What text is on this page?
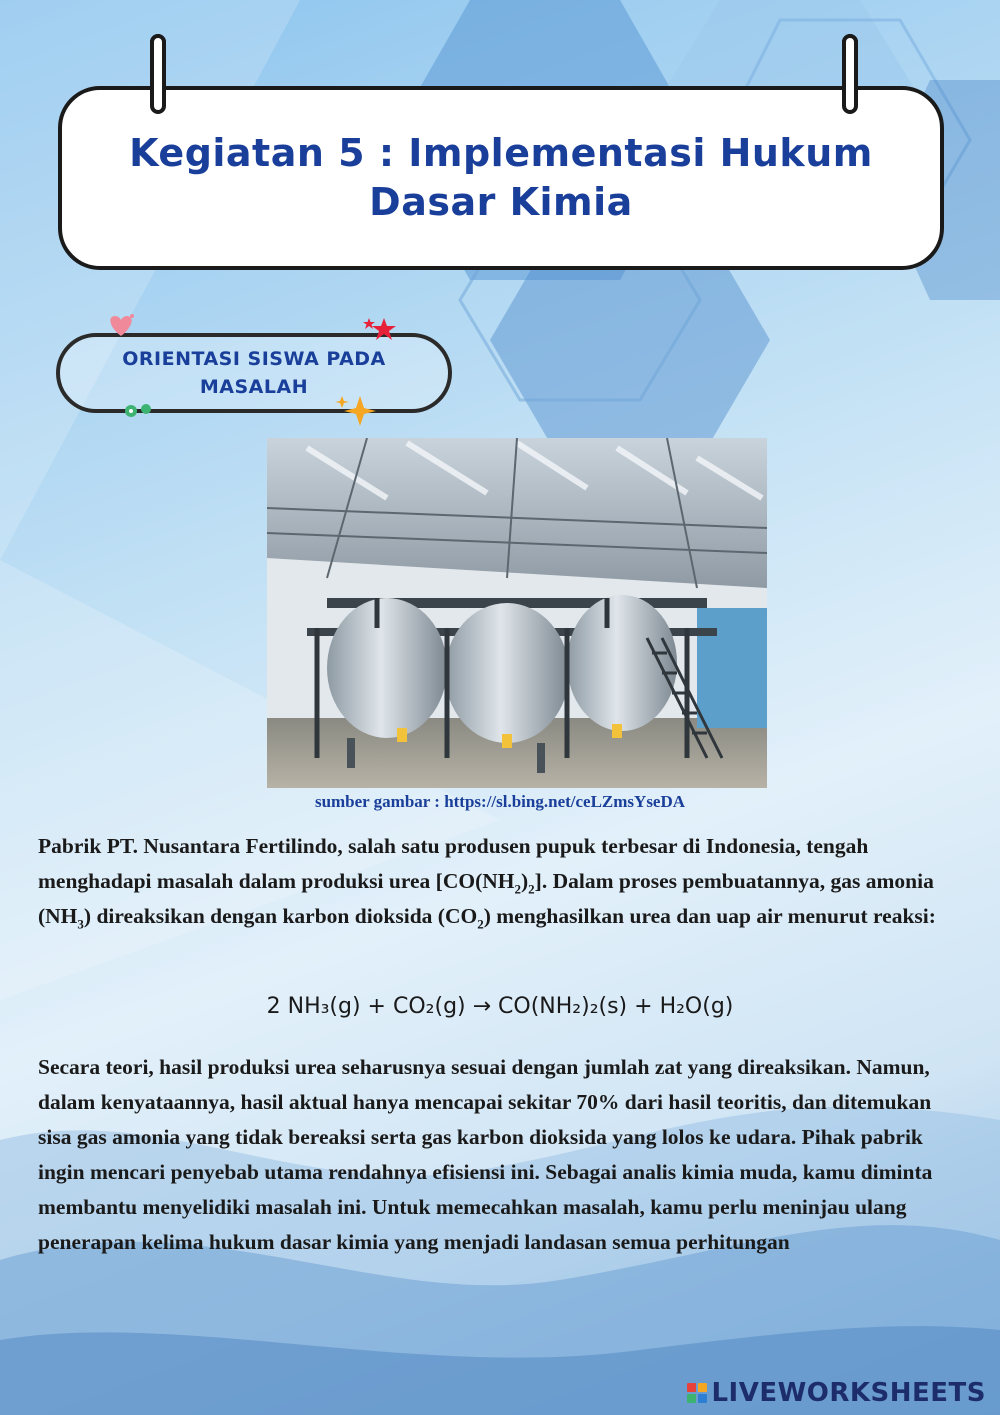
Kegiatan 5 : Implementasi Hukum Dasar Kimia
ORIENTASI SISWA PADA MASALAH
sumber gambar : https://sl.bing.net/ceLZmsYseDA
Pabrik PT. Nusantara Fertilindo, salah satu produsen pupuk terbesar di Indonesia, tengah menghadapi masalah dalam produksi urea $[CO(NH_2)_2]$. Dalam proses pembuatannya, gas amonia $(NH_3)$ direaksikan dengan karbon dioksida $(CO_2)$ menghasilkan urea dan uap air menurut reaksi:
2 NH₃(g) + CO₂(g) → CO(NH₂)₂(s) + H₂O(g)
Secara teori, hasil produksi urea seharusnya sesuai dengan jumlah zat yang direaksikan. Namun, dalam kenyataannya, hasil aktual hanya mencapai sekitar 70% dari hasil teoritis, dan ditemukan sisa gas amonia yang tidak bereaksi serta gas karbon dioksida yang lolos ke udara. Pihak pabrik ingin mencari penyebab utama rendahnya efisiensi ini. Sebagai analis kimia muda, kamu diminta membantu menyelidiki masalah ini. Untuk memecahkan masalah, kamu perlu meninjau ulang penerapan kelima hukum dasar kimia yang menjadi landasan semua perhitungan
LIVEWORKSHEETS
